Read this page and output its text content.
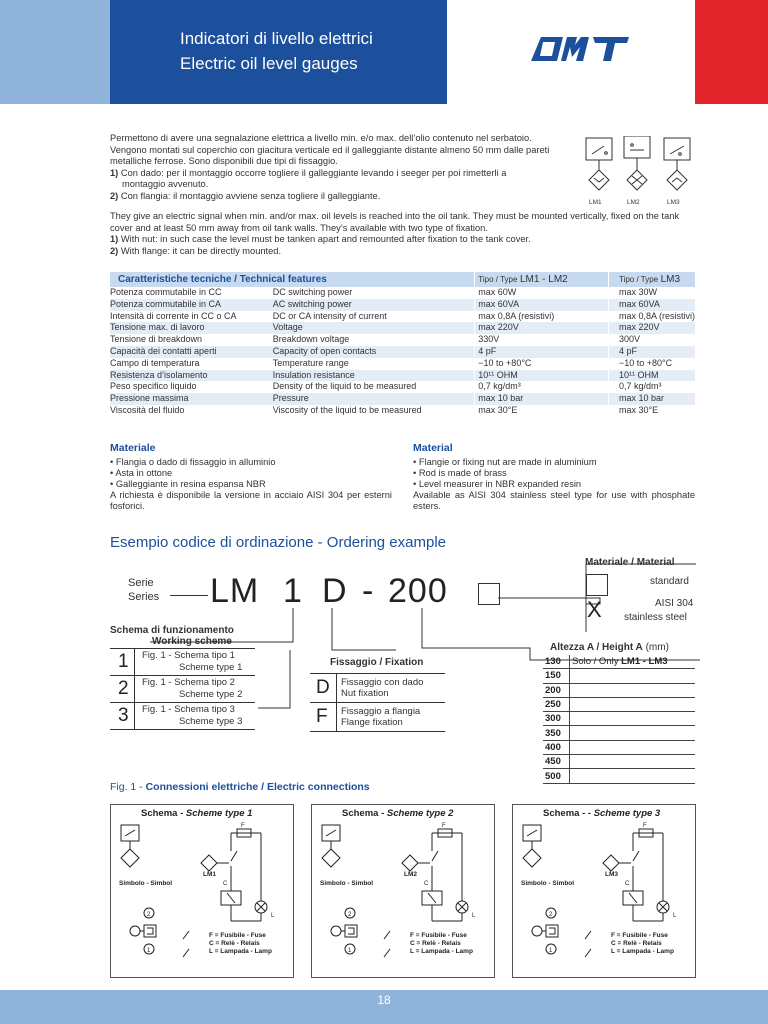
Indicatori di livello elettrici
Electric oil level gauges
OMT

Permettono di avere una segnalazione elettrica a livello min. e/o max. dell’olio contenuto nel serbatoio. Vengono montati sul coperchio con giacitura verticale ed il galleggiante distante almeno 50 mm dalle pareti metalliche ferrose. Sono disponibili due tipi di fissaggio.

1) Con dado: per il montaggio occorre togliere il galleggiante levando i seeger per poi rimetterli a

montaggio avvenuto.

2) Con flangia: il montaggio avviene senza togliere il galleggiante.

They give an electric signal when min. and/or max. oil levels is reached into the oil tank. They must be mounted vertically, fixed on the tank cover and at least 50 mm away from oil tank walls. They’s available with two type of fixation.

1) With nut: in such case the level must be tanken apart and remounted after fixation to the tank cover.

2) With flange: it can be directly mounted.

LM1	LM2	LM3
Caratteristiche tecniche / Technical features		Tipo / Type LM1 - LM2	Tipo / Type LM3
Potenza commutabile in CC	DC switching power	max 60W	max 30W
Potenza commutabile in CA	AC switching power	max 60VA	max 60VA
Intensità di corrente in CC o CA	DC or CA intensity of current	max 0,8A (resistivi)	max 0,8A (resistivi)
Tensione max. di lavoro	Voltage	max 220V	max 220V
Tensione di breakdown	Breakdown voltage	330V	300V
Capacità dei contatti aperti	Capacity of open contacts	4 pF	4 pF
Campo di temperatura	Temperature range	−10 to +80°C	−10 to +80°C
Resistenza d’isolamento	Insulation resistance	10¹¹ OHM	10¹¹ OHM
Peso specifico liquido	Density of the liquid to be measured	0,7 kg/dm³	0,7 kg/dm³
Pressione massima	Pressure	max 10 bar	max 10 bar
Viscosità del fluido	Viscosity of the liquid to be measured	max 30°E	max 30°E
Materiale

• Flangia o dado di fissaggio in alluminio

• Asta in ottone

• Galleggiante in resina espansa NBR

A richiesta è disponibile la versione in acciaio AISI 304 per esterni fosforici.

Material

• Flangie or fixing nut are made in aluminium

• Rod is made of brass

• Level measurer in NBR expanded resin

Available as AISI 304 stainless steel type for use with phosphate esters.

Esempio codice di ordinazione - Ordering example
Serie
Series LM 1 D - 200
Materiale / Material
standard
X	AISI 304
stainless steel
Schema di funzionamento
Working scheme
1 Fig. 1 - Schema tipo 1
Scheme type 1
2 Fig. 1 - Schema tipo 2
Scheme type 2
3 Fig. 1 - Schema tipo 3
Scheme type 3
Fissaggio / Fixation
D Fissaggio con dado
Nut fixation
F Fissaggio a flangia
Flange fixation
Altezza A / Height A (mm)
130	Solo / Only LM1 - LM3
150	
200	
250	
300	
350	
400	
450	
500	
Fig. 1 - Connessioni elettriche / Electric connections
Schema - Scheme type 1
F
C
L
2
1
Simbolo - Simbol
LM1
F = Fusibile - Fuse
C = Relè - Relais
L = Lampada - Lamp
Schema - Scheme type 2
F
C
L
2
1
Simbolo - Simbol
LM2
F = Fusibile - Fuse
C = Relè - Relais
L = Lampada - Lamp
Schema - - Scheme type 3
F
C
L
2
1
Simbolo - Simbol
LM3
F = Fusibile - Fuse
C = Relè - Relais
L = Lampada - Lamp
18
